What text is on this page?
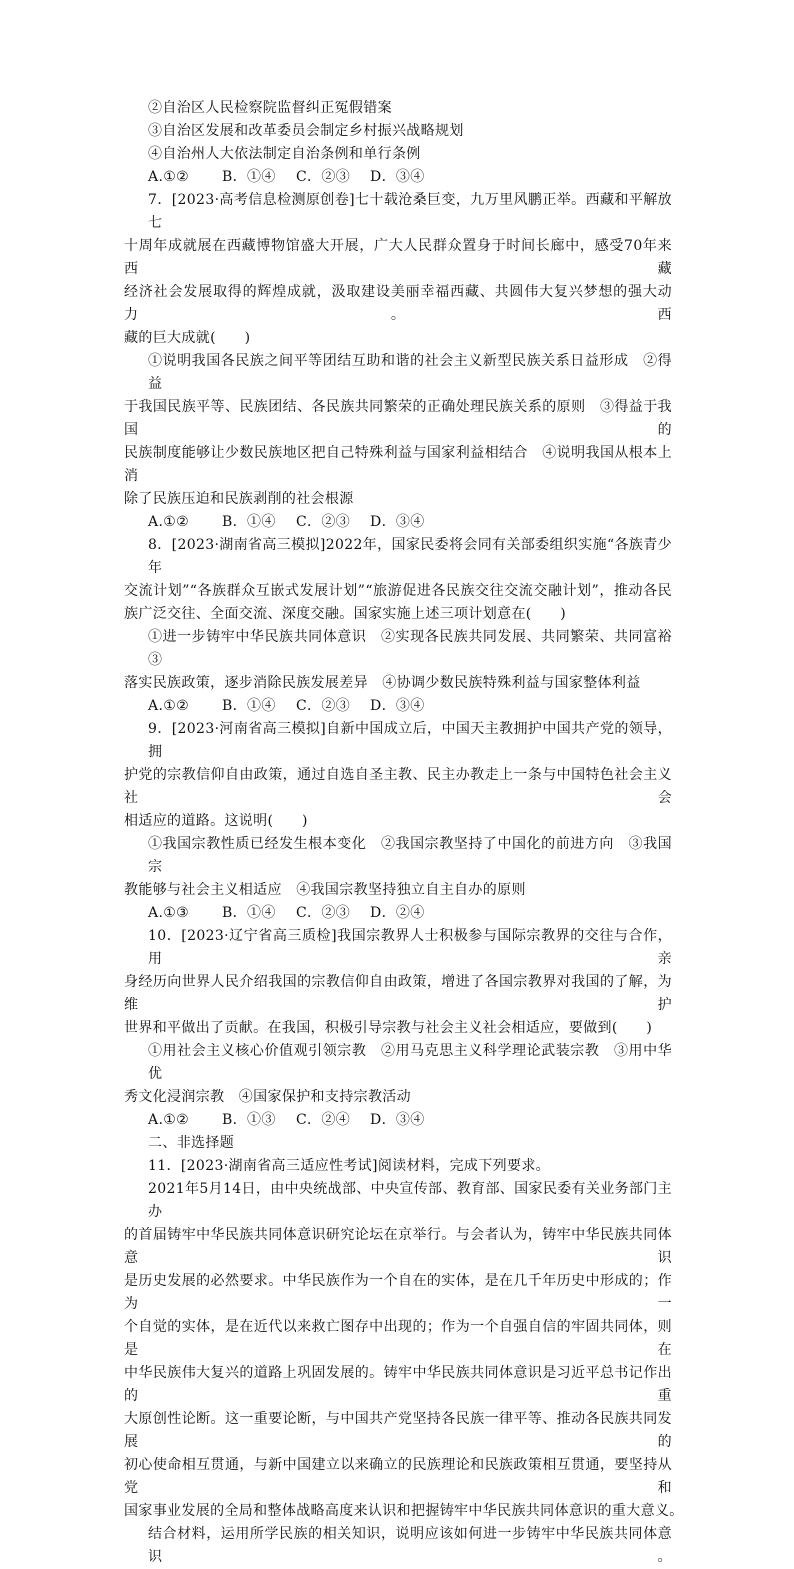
②自治区人民检察院监督纠正冤假错案
③自治区发展和改革委员会制定乡村振兴战略规划
④自治州人大依法制定自治条例和单行条例
A.①② B．①④ C．②③ D．③④
7．[2023·高考信息检测原创卷]七十载沧桑巨变，九万里风鹏正举。西藏和平解放七
十周年成就展在西藏博物馆盛大开展，广大人民群众置身于时间长廊中，感受70年来西藏
经济社会发展取得的辉煌成就，汲取建设美丽幸福西藏、共圆伟大复兴梦想的强大动力。西
藏的巨大成就(　　)
①说明我国各民族之间平等团结互助和谐的社会主义新型民族关系日益形成　②得益
于我国民族平等、民族团结、各民族共同繁荣的正确处理民族关系的原则　③得益于我国的
民族制度能够让少数民族地区把自己特殊利益与国家利益相结合　④说明我国从根本上消
除了民族压迫和民族剥削的社会根源
A.①② B．①④ C．②③ D．③④
8．[2023·湖南省高三模拟]2022年，国家民委将会同有关部委组织实施“各族青少年
交流计划”“各族群众互嵌式发展计划”“旅游促进各民族交往交流交融计划”，推动各民
族广泛交往、全面交流、深度交融。国家实施上述三项计划意在(　　)
①进一步铸牢中华民族共同体意识　②实现各民族共同发展、共同繁荣、共同富裕　③
落实民族政策，逐步消除民族发展差异　④协调少数民族特殊利益与国家整体利益
A.①② B．①④ C．②③ D．③④
9．[2023·河南省高三模拟]自新中国成立后，中国天主教拥护中国共产党的领导，拥
护党的宗教信仰自由政策，通过自选自圣主教、民主办教走上一条与中国特色社会主义社会
相适应的道路。这说明(　　)
①我国宗教性质已经发生根本变化　②我国宗教坚持了中国化的前进方向　③我国宗
教能够与社会主义相适应　④我国宗教坚持独立自主自办的原则
A.①③ B．①④ C．②③ D．②④
10．[2023·辽宁省高三质检]我国宗教界人士积极参与国际宗教界的交往与合作，用亲
身经历向世界人民介绍我国的宗教信仰自由政策，增进了各国宗教界对我国的了解，为维护
世界和平做出了贡献。在我国，积极引导宗教与社会主义社会相适应，要做到(　　)
①用社会主义核心价值观引领宗教　②用马克思主义科学理论武装宗教　③用中华优
秀文化浸润宗教　④国家保护和支持宗教活动
A.①② B．①③ C．②④ D．③④
二、非选择题
11．[2023·湖南省高三适应性考试]阅读材料，完成下列要求。
2021年5月14日，由中央统战部、中央宣传部、教育部、国家民委有关业务部门主办
的首届铸牢中华民族共同体意识研究论坛在京举行。与会者认为，铸牢中华民族共同体意识
是历史发展的必然要求。中华民族作为一个自在的实体，是在几千年历史中形成的；作为一
个自觉的实体，是在近代以来救亡图存中出现的；作为一个自强自信的牢固共同体，则是在
中华民族伟大复兴的道路上巩固发展的。铸牢中华民族共同体意识是习近平总书记作出的重
大原创性论断。这一重要论断，与中国共产党坚持各民族一律平等、推动各民族共同发展的
初心使命相互贯通，与新中国建立以来确立的民族理论和民族政策相互贯通，要坚持从党和
国家事业发展的全局和整体战略高度来认识和把握铸牢中华民族共同体意识的重大意义。
结合材料，运用所学民族的相关知识，说明应该如何进一步铸牢中华民族共同体意识。
